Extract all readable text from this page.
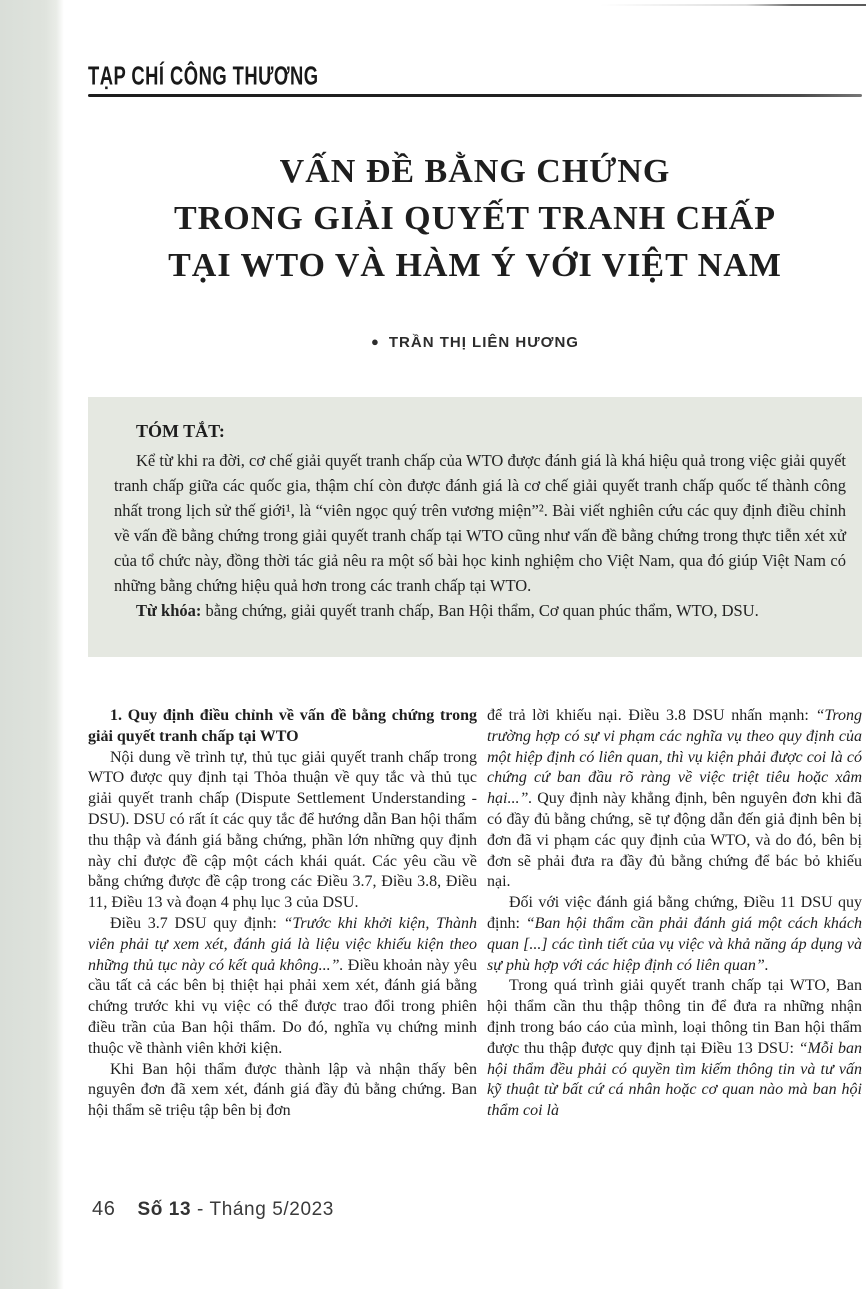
TẠP CHÍ CÔNG THƯƠNG
VẤN ĐỀ BẰNG CHỨNG
TRONG GIẢI QUYẾT TRANH CHẤP
TẠI WTO VÀ HÀM Ý VỚI VIỆT NAM
● TRẦN THỊ LIÊN HƯƠNG

TÓM TẮT:

Kể từ khi ra đời, cơ chế giải quyết tranh chấp của WTO được đánh giá là khá hiệu quả trong việc giải quyết tranh chấp giữa các quốc gia, thậm chí còn được đánh giá là cơ chế giải quyết tranh chấp quốc tế thành công nhất trong lịch sử thế giới¹, là “viên ngọc quý trên vương miện”². Bài viết nghiên cứu các quy định điều chỉnh về vấn đề bằng chứng trong giải quyết tranh chấp tại WTO cũng như vấn đề bằng chứng trong thực tiễn xét xử của tổ chức này, đồng thời tác giả nêu ra một số bài học kinh nghiệm cho Việt Nam, qua đó giúp Việt Nam có những bằng chứng hiệu quả hơn trong các tranh chấp tại WTO.

Từ khóa: bằng chứng, giải quyết tranh chấp, Ban Hội thẩm, Cơ quan phúc thẩm, WTO, DSU.

1. Quy định điều chỉnh về vấn đề bằng chứng trong giải quyết tranh chấp tại WTO

Nội dung về trình tự, thủ tục giải quyết tranh chấp trong WTO được quy định tại Thỏa thuận về quy tắc và thủ tục giải quyết tranh chấp (Dispute Settlement Understanding - DSU). DSU có rất ít các quy tắc để hướng dẫn Ban hội thẩm thu thập và đánh giá bằng chứng, phần lớn những quy định này chỉ được đề cập một cách khái quát. Các yêu cầu về bằng chứng được đề cập trong các Điều 3.7, Điều 3.8, Điều 11, Điều 13 và đoạn 4 phụ lục 3 của DSU.

Điều 3.7 DSU quy định: “Trước khi khởi kiện, Thành viên phải tự xem xét, đánh giá là liệu việc khiếu kiện theo những thủ tục này có kết quả không...”. Điều khoản này yêu cầu tất cả các bên bị thiệt hại phải xem xét, đánh giá bằng chứng trước khi vụ việc có thể được trao đổi trong phiên điều trần của Ban hội thẩm. Do đó, nghĩa vụ chứng minh thuộc về thành viên khởi kiện.

Khi Ban hội thẩm được thành lập và nhận thấy bên nguyên đơn đã xem xét, đánh giá đầy đủ bằng chứng. Ban hội thẩm sẽ triệu tập bên bị đơn

để trả lời khiếu nại. Điều 3.8 DSU nhấn mạnh: “Trong trường hợp có sự vi phạm các nghĩa vụ theo quy định của một hiệp định có liên quan, thì vụ kiện phải được coi là có chứng cứ ban đầu rõ ràng về việc triệt tiêu hoặc xâm hại...”. Quy định này khẳng định, bên nguyên đơn khi đã có đầy đủ bằng chứng, sẽ tự động dẫn đến giả định bên bị đơn đã vi phạm các quy định của WTO, và do đó, bên bị đơn sẽ phải đưa ra đầy đủ bằng chứng để bác bỏ khiếu nại.

Đối với việc đánh giá bằng chứng, Điều 11 DSU quy định: “Ban hội thẩm cần phải đánh giá một cách khách quan [...] các tình tiết của vụ việc và khả năng áp dụng và sự phù hợp với các hiệp định có liên quan”.

Trong quá trình giải quyết tranh chấp tại WTO, Ban hội thẩm cần thu thập thông tin để đưa ra những nhận định trong báo cáo của mình, loại thông tin Ban hội thẩm được thu thập được quy định tại Điều 13 DSU: “Mỗi ban hội thẩm đều phải có quyền tìm kiếm thông tin và tư vấn kỹ thuật từ bất cứ cá nhân hoặc cơ quan nào mà ban hội thẩm coi là

46 Số 13 - Tháng 5/2023
